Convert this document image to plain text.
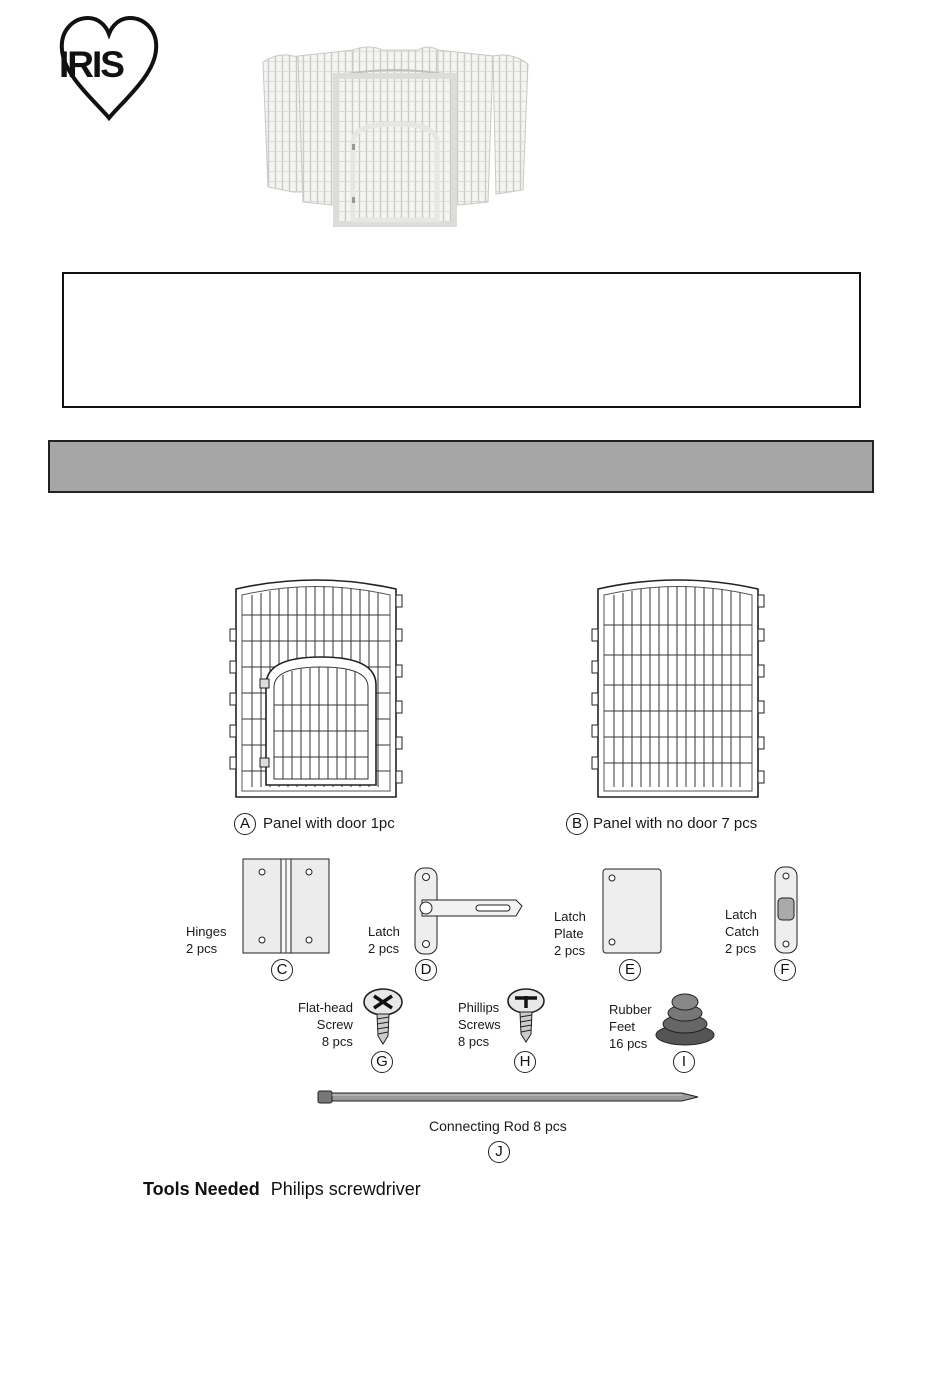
IRIS
A Panel with door 1pc	B Panel with no door 7 pcs
Hinges
2 pcs
C
Latch
2 pcs
D
Latch
Plate
2 pcs
E
Latch
Catch
2 pcs
F
Flat-head
Screw
8 pcs
G
Phillips
Screws
8 pcs
H
Rubber
Feet
16 pcs
I
Connecting Rod 8 pcs
J
Tools Needed Philips screwdriver
